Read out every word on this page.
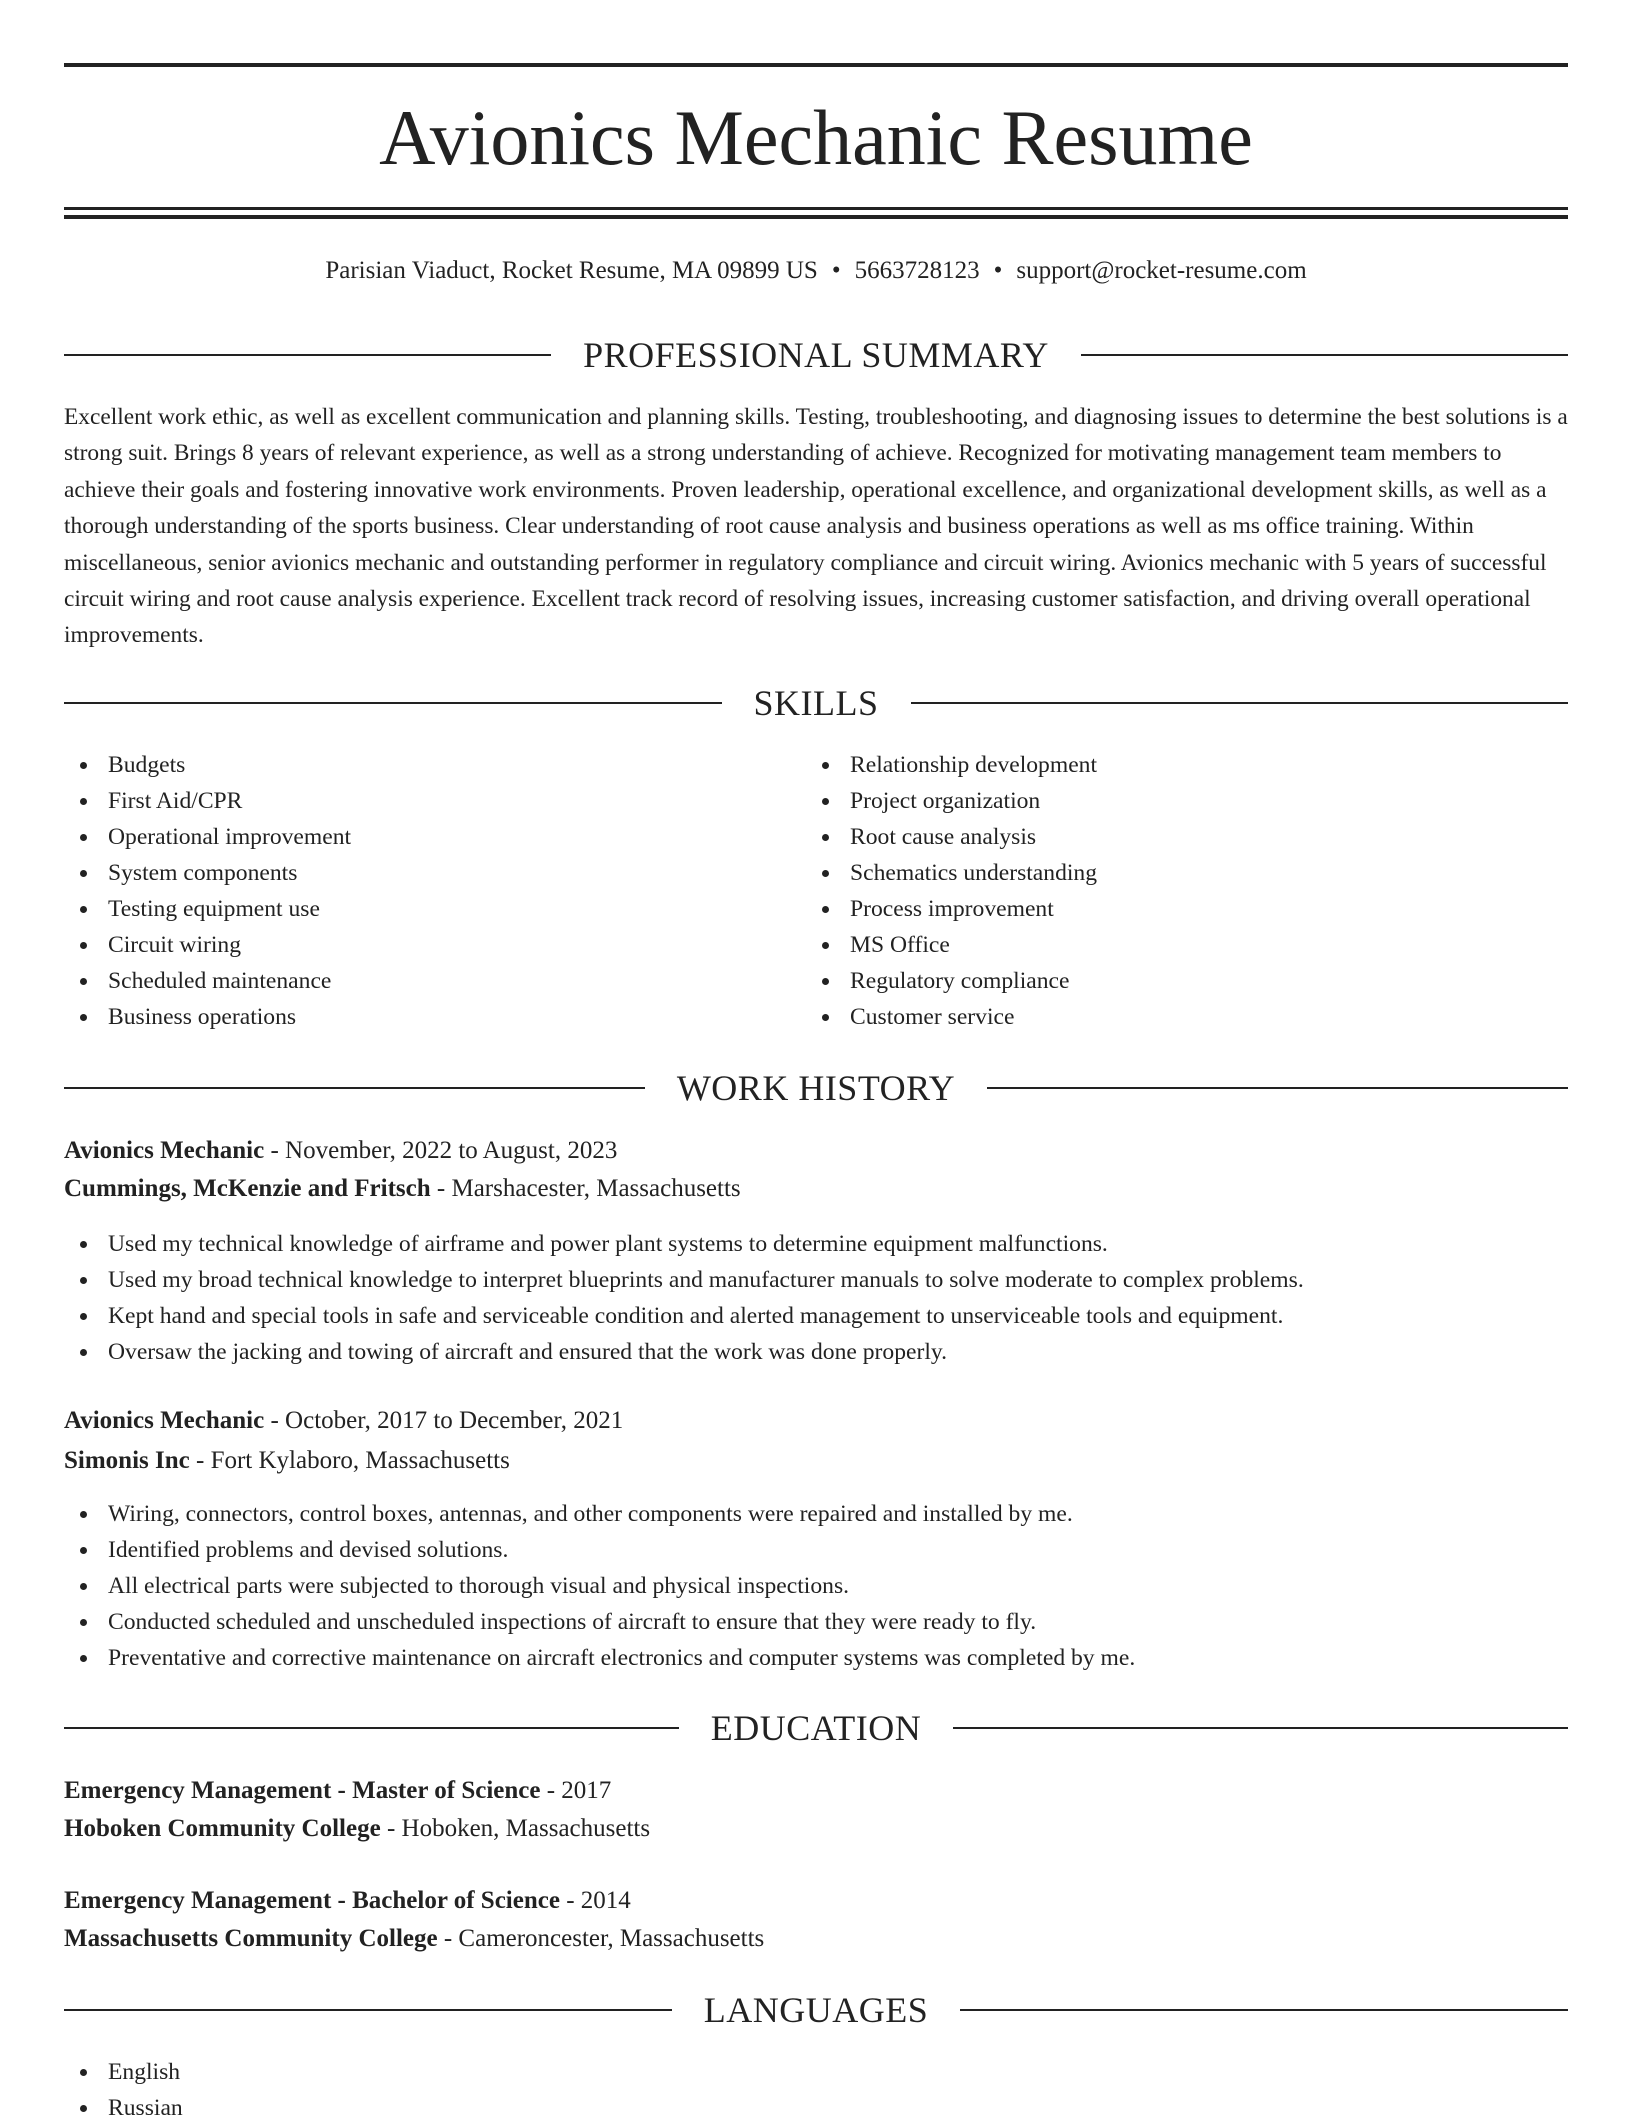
Avionics Mechanic Resume
Parisian Viaduct, Rocket Resume, MA 09899 US • 5663728123 • support@rocket-resume.com
PROFESSIONAL SUMMARY

Excellent work ethic, as well as excellent communication and planning skills. Testing, troubleshooting, and diagnosing issues to determine the best solutions is a strong suit. Brings 8 years of relevant experience, as well as a strong understanding of achieve. Recognized for motivating management team members to achieve their goals and fostering innovative work environments. Proven leadership, operational excellence, and organizational development skills, as well as a thorough understanding of the sports business. Clear understanding of root cause analysis and business operations as well as ms office training. Within miscellaneous, senior avionics mechanic and outstanding performer in regulatory compliance and circuit wiring. Avionics mechanic with 5 years of successful circuit wiring and root cause analysis experience. Excellent track record of resolving issues, increasing customer satisfaction, and driving overall operational improvements.

SKILLS
Budgets
First Aid/CPR
Operational improvement
System components
Testing equipment use
Circuit wiring
Scheduled maintenance
Business operations
Relationship development
Project organization
Root cause analysis
Schematics understanding
Process improvement
MS Office
Regulatory compliance
Customer service
WORK HISTORY
Avionics Mechanic - November, 2022 to August, 2023
Cummings, McKenzie and Fritsch - Marshacester, Massachusetts
Used my technical knowledge of airframe and power plant systems to determine equipment malfunctions.
Used my broad technical knowledge to interpret blueprints and manufacturer manuals to solve moderate to complex problems.
Kept hand and special tools in safe and serviceable condition and alerted management to unserviceable tools and equipment.
Oversaw the jacking and towing of aircraft and ensured that the work was done properly.
Avionics Mechanic - October, 2017 to December, 2021
Simonis Inc - Fort Kylaboro, Massachusetts
Wiring, connectors, control boxes, antennas, and other components were repaired and installed by me.
Identified problems and devised solutions.
All electrical parts were subjected to thorough visual and physical inspections.
Conducted scheduled and unscheduled inspections of aircraft to ensure that they were ready to fly.
Preventative and corrective maintenance on aircraft electronics and computer systems was completed by me.
EDUCATION
Emergency Management - Master of Science - 2017
Hoboken Community College - Hoboken, Massachusetts
Emergency Management - Bachelor of Science - 2014
Massachusetts Community College - Cameroncester, Massachusetts
LANGUAGES
English
Russian
